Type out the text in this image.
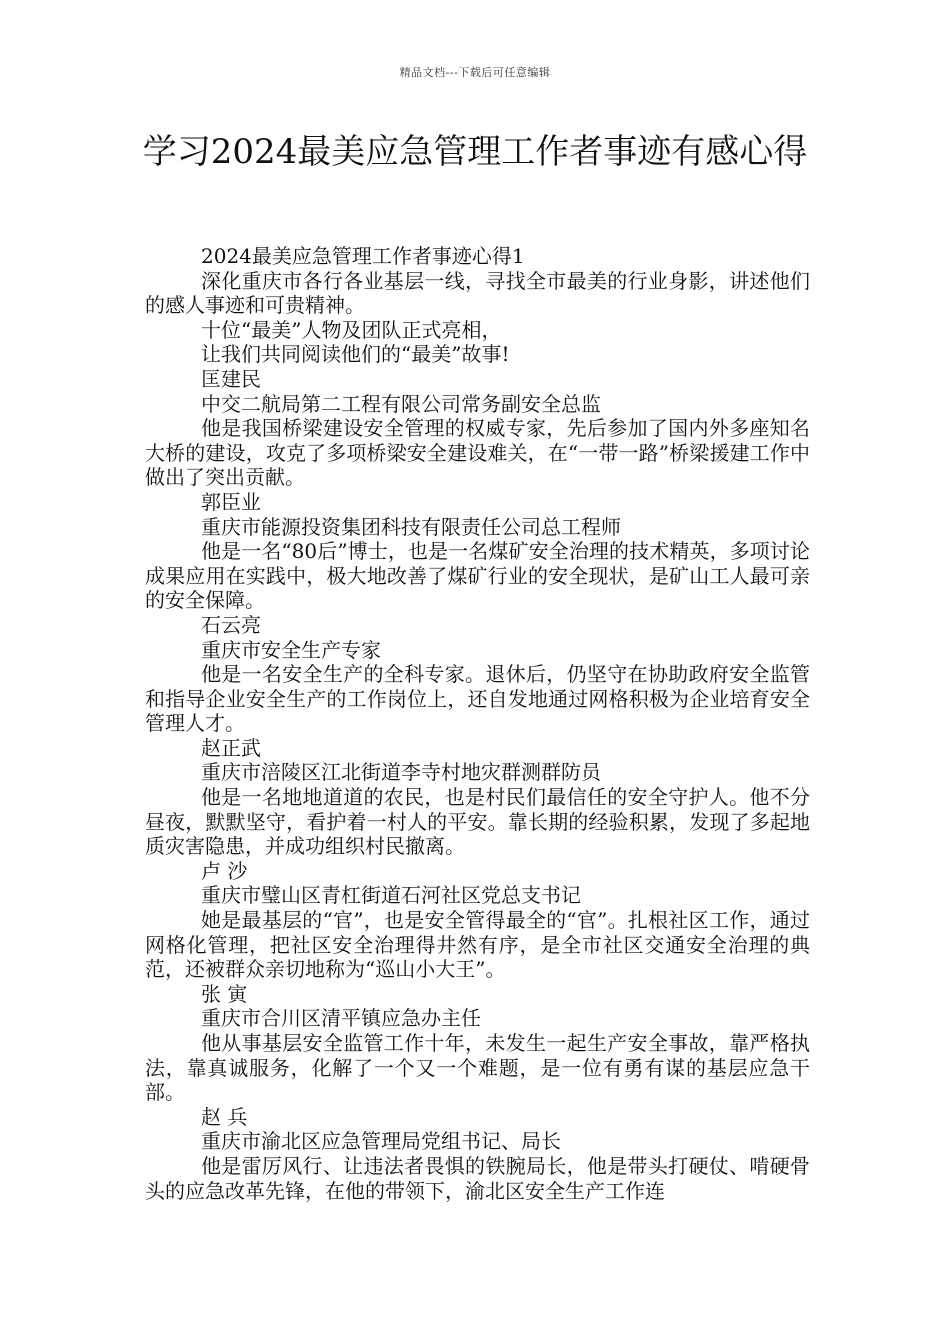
精品文档---下载后可任意编辑
学习2024最美应急管理工作者事迹有感心得

2024最美应急管理工作者事迹心得1

深化重庆市各行各业基层一线，寻找全市最美的行业身影，讲述他们的感人事迹和可贵精神。

十位“最美”人物及团队正式亮相，

让我们共同阅读他们的“最美”故事!

匡建民

中交二航局第二工程有限公司常务副安全总监

他是我国桥梁建设安全管理的权威专家，先后参加了国内外多座知名大桥的建设，攻克了多项桥梁安全建设难关，在“一带一路”桥梁援建工作中做出了突出贡献。

郭臣业

重庆市能源投资集团科技有限责任公司总工程师

他是一名“80后”博士，也是一名煤矿安全治理的技术精英，多项讨论成果应用在实践中，极大地改善了煤矿行业的安全现状，是矿山工人最可亲的安全保障。

石云亮

重庆市安全生产专家

他是一名安全生产的全科专家。退休后，仍坚守在协助政府安全监管和指导企业安全生产的工作岗位上，还自发地通过网格积极为企业培育安全管理人才。

赵正武

重庆市涪陵区江北街道李寺村地灾群测群防员

他是一名地地道道的农民，也是村民们最信任的安全守护人。他不分昼夜，默默坚守，看护着一村人的平安。靠长期的经验积累，发现了多起地质灾害隐患，并成功组织村民撤离。

卢 沙

重庆市璧山区青杠街道石河社区党总支书记

她是最基层的“官”，也是安全管得最全的“官”。扎根社区工作，通过网格化管理，把社区安全治理得井然有序，是全市社区交通安全治理的典范，还被群众亲切地称为“巡山小大王”。

张 寅

重庆市合川区清平镇应急办主任

他从事基层安全监管工作十年，未发生一起生产安全事故，靠严格执法，靠真诚服务，化解了一个又一个难题，是一位有勇有谋的基层应急干部。

赵 兵

重庆市渝北区应急管理局党组书记、局长

他是雷厉风行、让违法者畏惧的铁腕局长，他是带头打硬仗、啃硬骨头的应急改革先锋，在他的带领下，渝北区安全生产工作连
